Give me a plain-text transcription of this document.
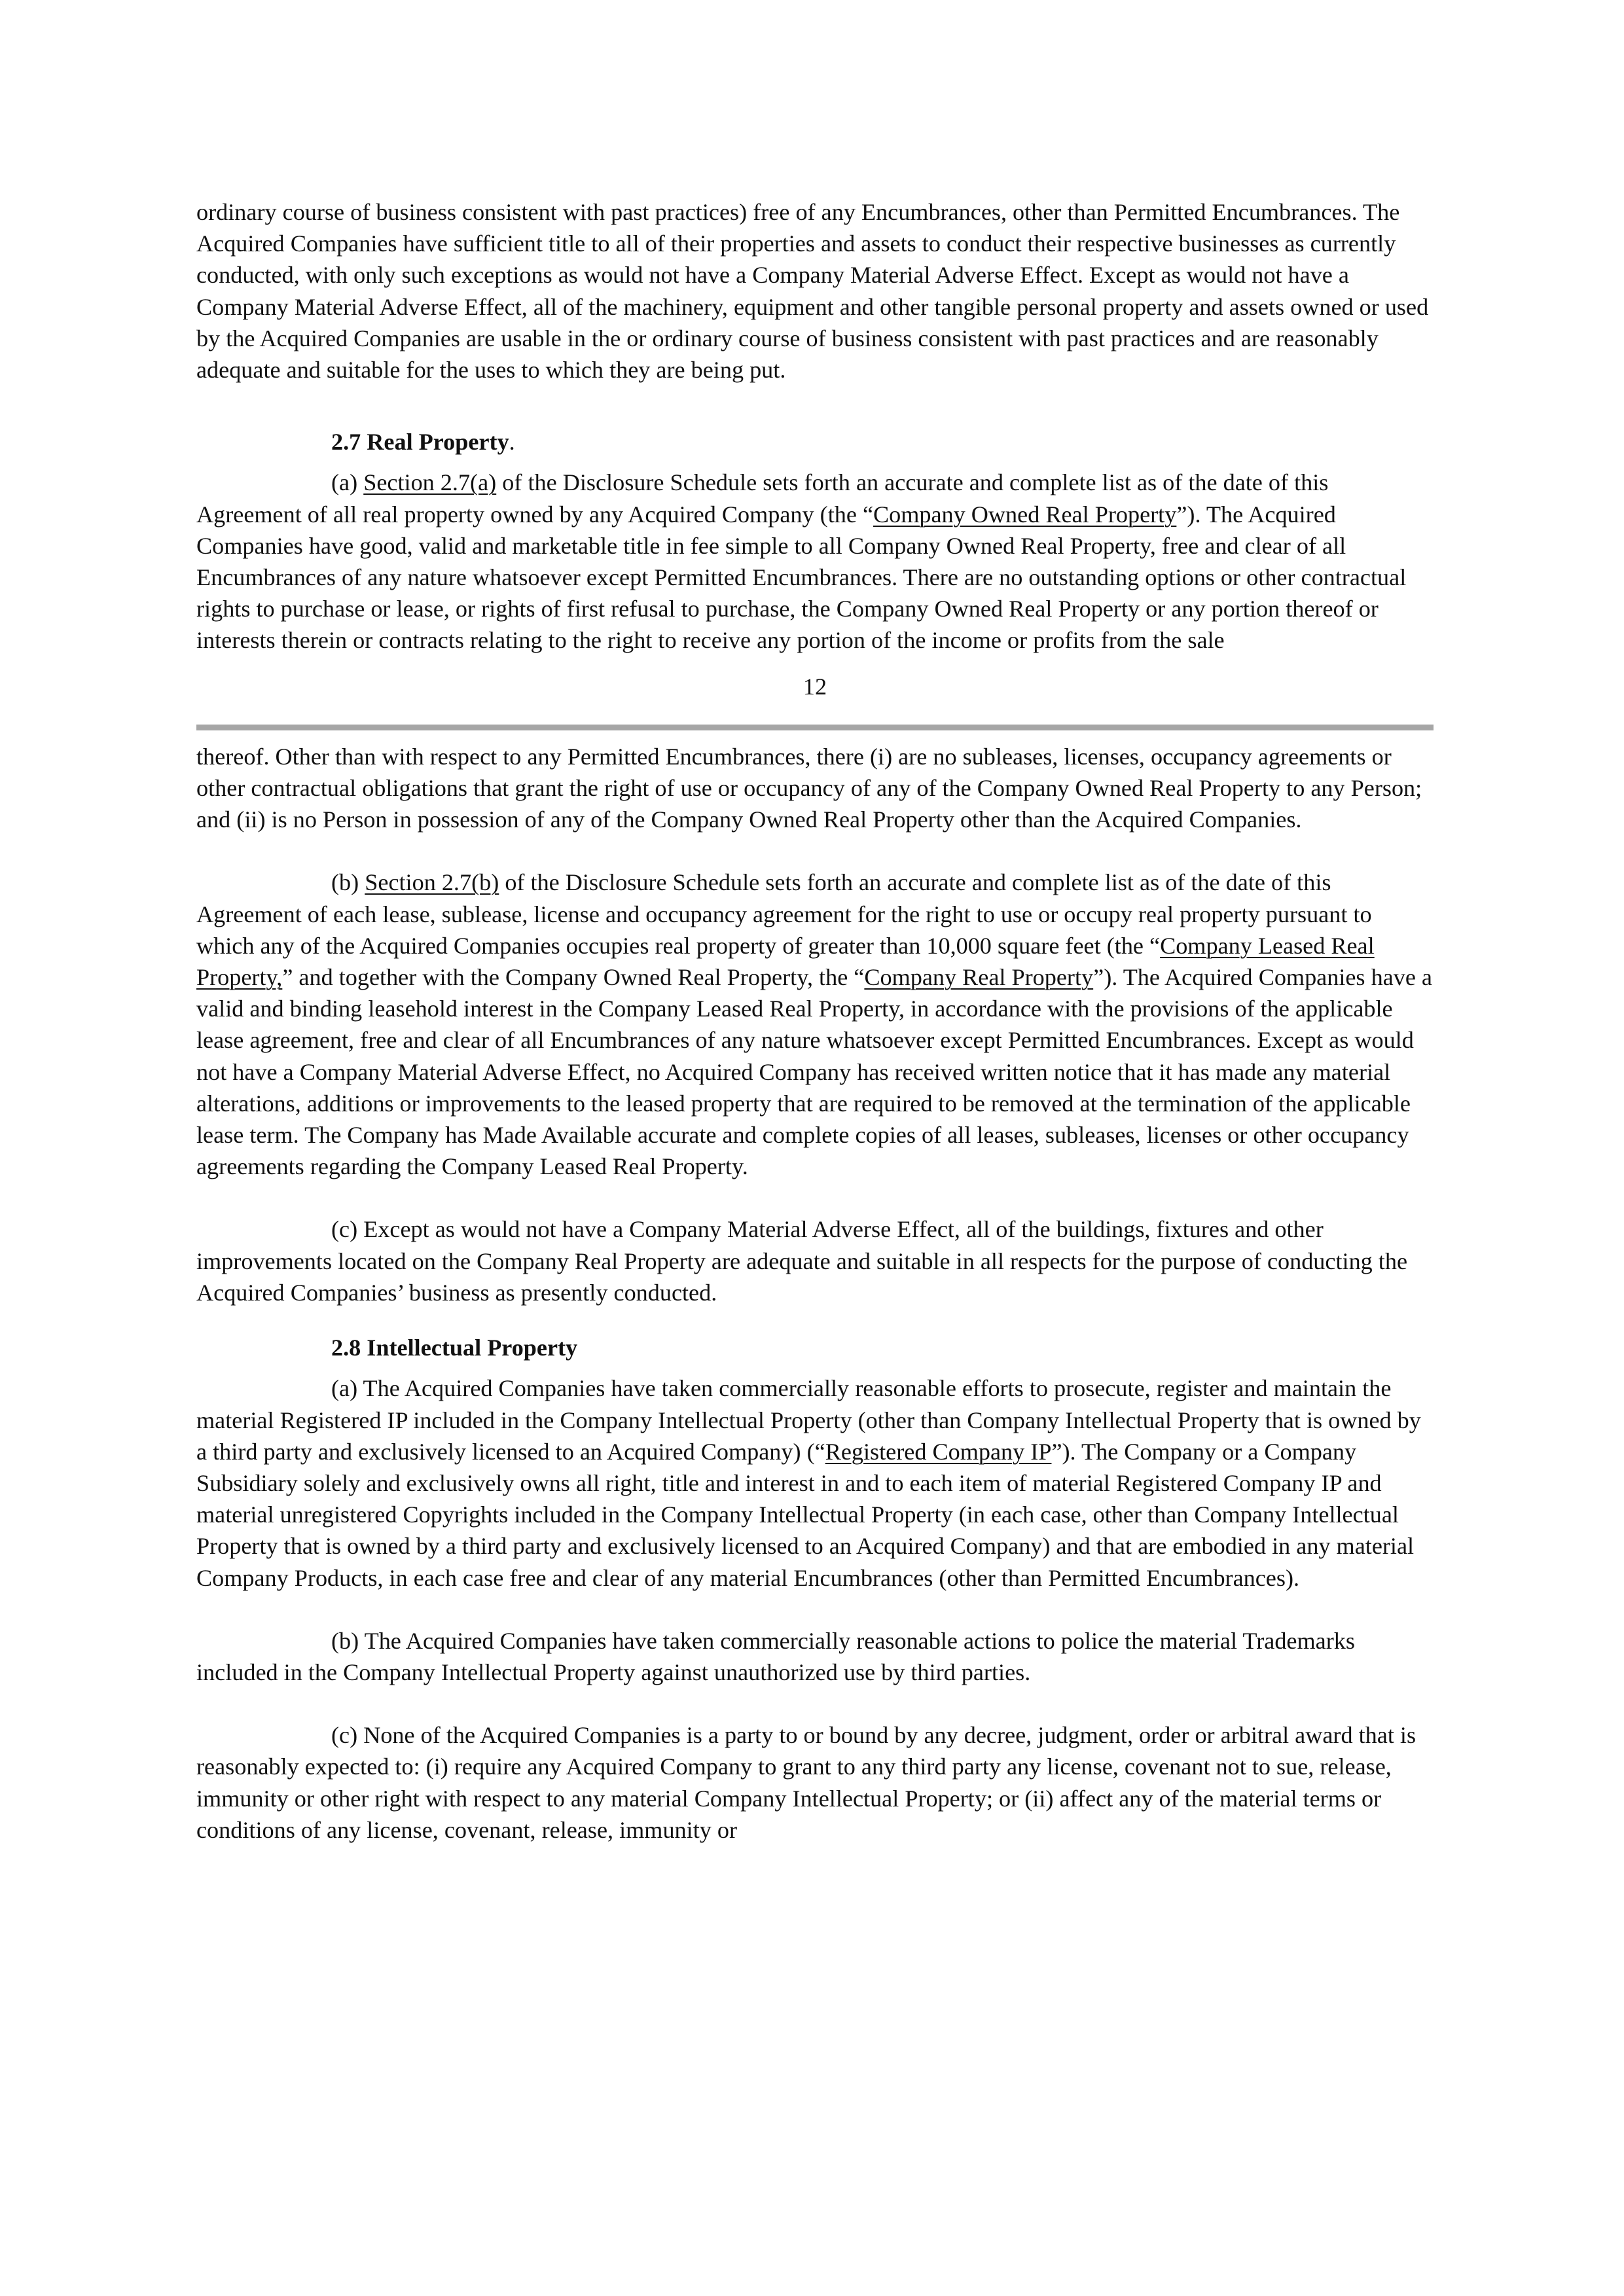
ordinary course of business consistent with past practices) free of any Encumbrances, other than Permitted Encumbrances. The Acquired Companies have sufficient title to all of their properties and assets to conduct their respective businesses as currently conducted, with only such exceptions as would not have a Company Material Adverse Effect. Except as would not have a Company Material Adverse Effect, all of the machinery, equipment and other tangible personal property and assets owned or used by the Acquired Companies are usable in the or ordinary course of business consistent with past practices and are reasonably adequate and suitable for the uses to which they are being put.

2.7 Real Property.

(a) Section 2.7(a) of the Disclosure Schedule sets forth an accurate and complete list as of the date of this Agreement of all real property owned by any Acquired Company (the “Company Owned Real Property”). The Acquired Companies have good, valid and marketable title in fee simple to all Company Owned Real Property, free and clear of all Encumbrances of any nature whatsoever except Permitted Encumbrances. There are no outstanding options or other contractual rights to purchase or lease, or rights of first refusal to purchase, the Company Owned Real Property or any portion thereof or interests therein or contracts relating to the right to receive any portion of the income or profits from the sale

12

thereof. Other than with respect to any Permitted Encumbrances, there (i) are no subleases, licenses, occupancy agreements or other contractual obligations that grant the right of use or occupancy of any of the Company Owned Real Property to any Person; and (ii) is no Person in possession of any of the Company Owned Real Property other than the Acquired Companies.

(b) Section 2.7(b) of the Disclosure Schedule sets forth an accurate and complete list as of the date of this Agreement of each lease, sublease, license and occupancy agreement for the right to use or occupy real property pursuant to which any of the Acquired Companies occupies real property of greater than 10,000 square feet (the “Company Leased Real Property,” and together with the Company Owned Real Property, the “Company Real Property”). The Acquired Companies have a valid and binding leasehold interest in the Company Leased Real Property, in accordance with the provisions of the applicable lease agreement, free and clear of all Encumbrances of any nature whatsoever except Permitted Encumbrances. Except as would not have a Company Material Adverse Effect, no Acquired Company has received written notice that it has made any material alterations, additions or improvements to the leased property that are required to be removed at the termination of the applicable lease term. The Company has Made Available accurate and complete copies of all leases, subleases, licenses or other occupancy agreements regarding the Company Leased Real Property.

(c) Except as would not have a Company Material Adverse Effect, all of the buildings, fixtures and other improvements located on the Company Real Property are adequate and suitable in all respects for the purpose of conducting the Acquired Companies’ business as presently conducted.

2.8 Intellectual Property

(a) The Acquired Companies have taken commercially reasonable efforts to prosecute, register and maintain the material Registered IP included in the Company Intellectual Property (other than Company Intellectual Property that is owned by a third party and exclusively licensed to an Acquired Company) (“Registered Company IP”). The Company or a Company Subsidiary solely and exclusively owns all right, title and interest in and to each item of material Registered Company IP and material unregistered Copyrights included in the Company Intellectual Property (in each case, other than Company Intellectual Property that is owned by a third party and exclusively licensed to an Acquired Company) and that are embodied in any material Company Products, in each case free and clear of any material Encumbrances (other than Permitted Encumbrances).

(b) The Acquired Companies have taken commercially reasonable actions to police the material Trademarks included in the Company Intellectual Property against unauthorized use by third parties.

(c) None of the Acquired Companies is a party to or bound by any decree, judgment, order or arbitral award that is reasonably expected to: (i) require any Acquired Company to grant to any third party any license, covenant not to sue, release, immunity or other right with respect to any material Company Intellectual Property; or (ii) affect any of the material terms or conditions of any license, covenant, release, immunity or
